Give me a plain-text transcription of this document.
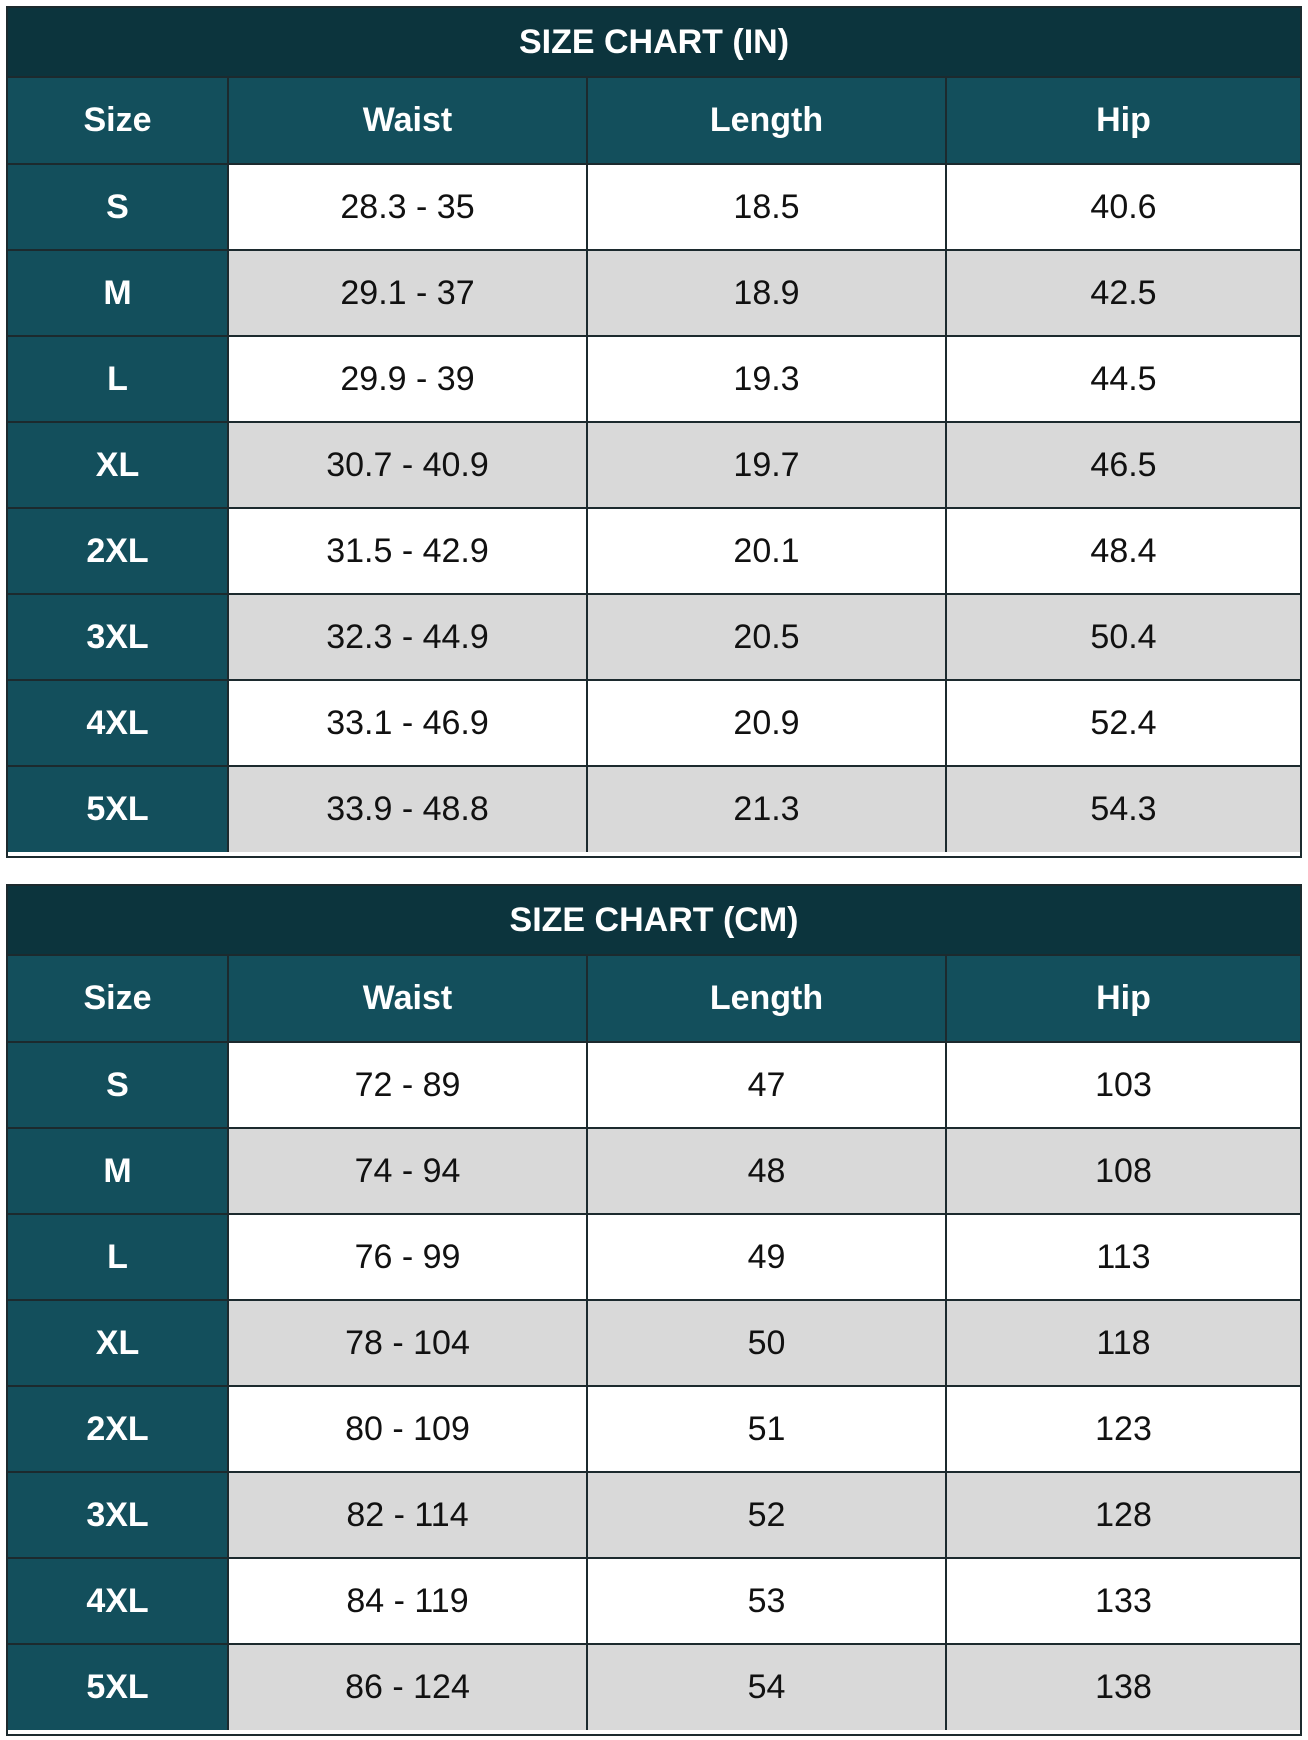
SIZE CHART (IN)
Size	Waist	Length	Hip
S	28.3 - 35	18.5	40.6
M	29.1 - 37	18.9	42.5
L	29.9 - 39	19.3	44.5
XL	30.7 - 40.9	19.7	46.5
2XL	31.5 - 42.9	20.1	48.4
3XL	32.3 - 44.9	20.5	50.4
4XL	33.1 - 46.9	20.9	52.4
5XL	33.9 - 48.8	21.3	54.3
SIZE CHART (CM)
Size	Waist	Length	Hip
S	72 - 89	47	103
M	74 - 94	48	108
L	76 - 99	49	113
XL	78 - 104	50	118
2XL	80 - 109	51	123
3XL	82 - 114	52	128
4XL	84 - 119	53	133
5XL	86 - 124	54	138
